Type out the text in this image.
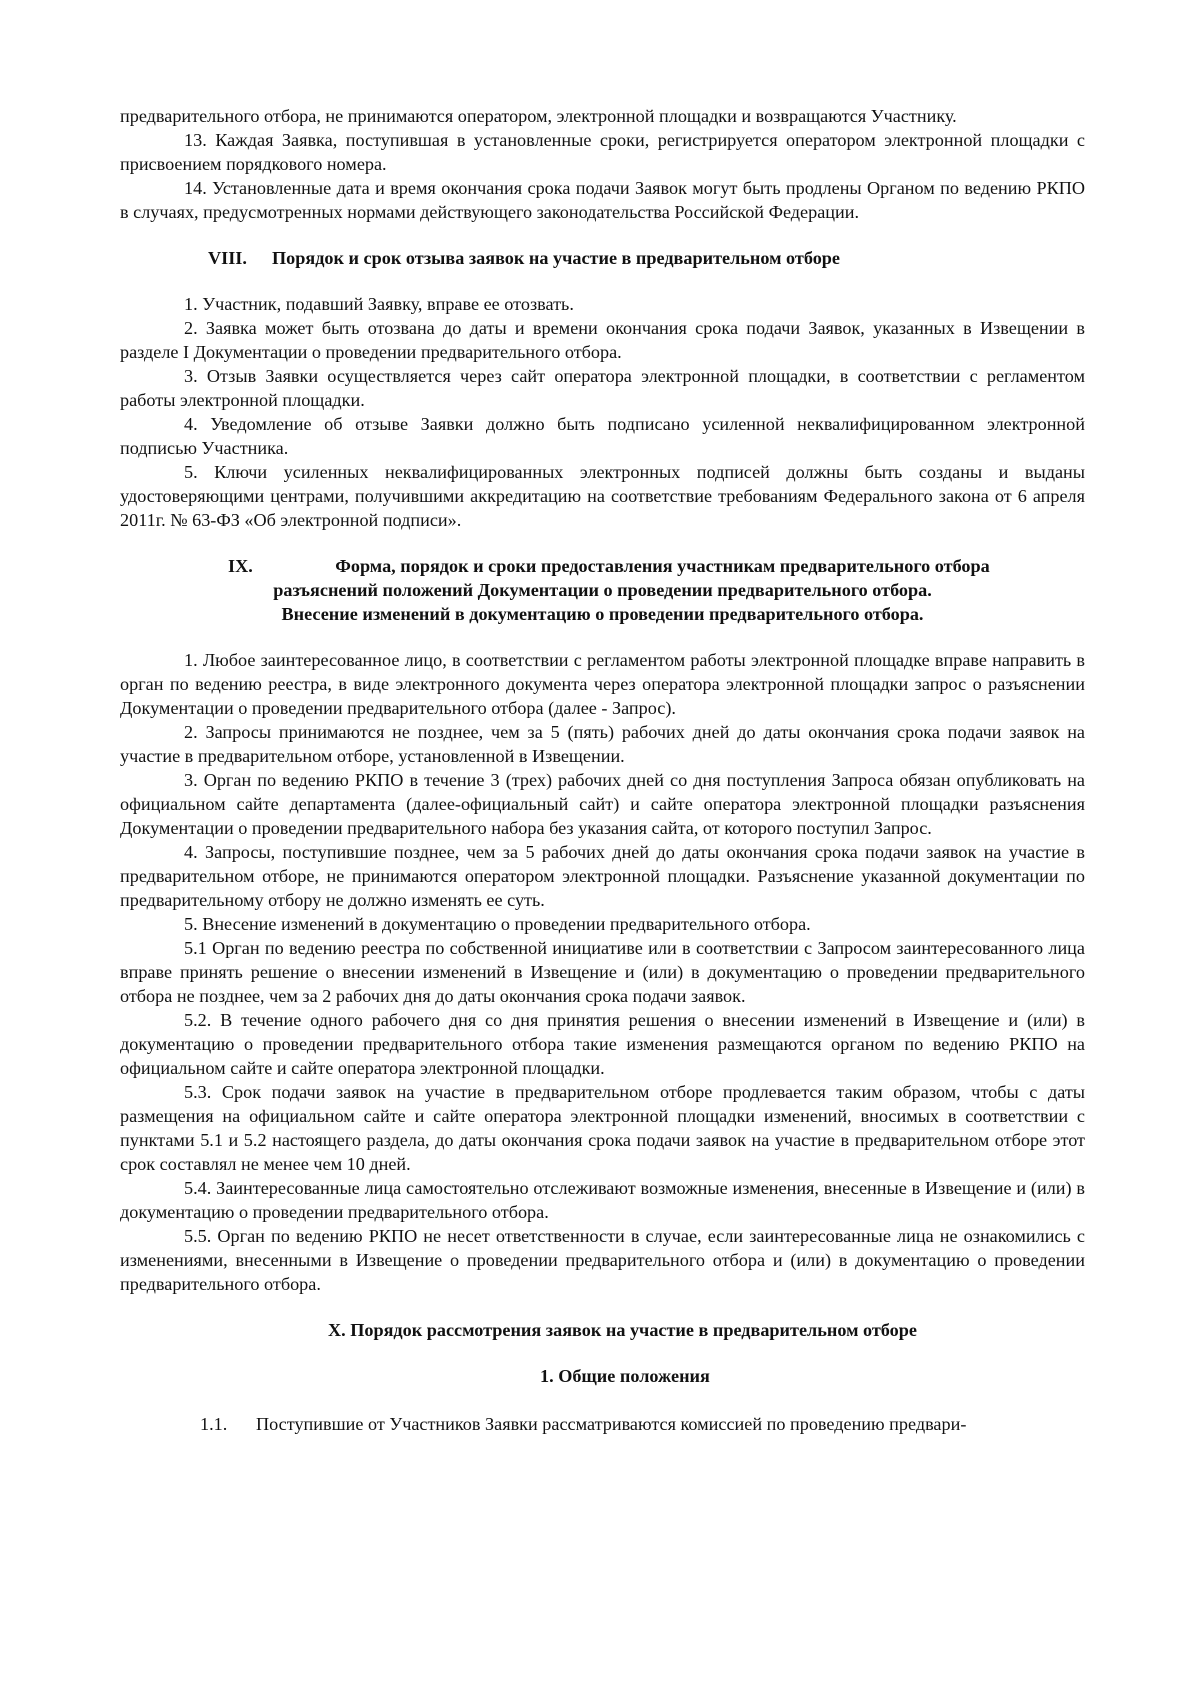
предварительного отбора, не принимаются оператором, электронной площадки и возвращаются Участнику.

13. Каждая Заявка, поступившая в установленные сроки, регистрируется оператором электронной площадки с присвоением порядкового номера.

14. Установленные дата и время окончания срока подачи Заявок могут быть продлены Органом по ведению РКПО в случаях, предусмотренных нормами действующего законодательства Российской Федерации.

VIII. Порядок и срок отзыва заявок на участие в предварительном отборе

1. Участник, подавший Заявку, вправе ее отозвать.

2. Заявка может быть отозвана до даты и времени окончания срока подачи Заявок, указанных в Извещении в разделе I Документации о проведении предварительного отбора.

3. Отзыв Заявки осуществляется через сайт оператора электронной площадки, в соответствии с регламентом работы электронной площадки.

4. Уведомление об отзыве Заявки должно быть подписано усиленной неквалифицированном электронной подписью Участника.

5. Ключи усиленных неквалифицированных электронных подписей должны быть созданы и выданы удостоверяющими центрами, получившими аккредитацию на соответствие требованиям Федерального закона от 6 апреля 2011г. № 63-ФЗ «Об электронной подписи».

IX.	Форма, порядок и сроки предоставления участникам предварительного отбора
разъяснений положений Документации о проведении предварительного отбора.
Внесение изменений в документацию о проведении предварительного отбора.

1. Любое заинтересованное лицо, в соответствии с регламентом работы электронной площадке вправе направить в орган по ведению реестра, в виде электронного документа через оператора электронной площадки запрос о разъяснении Документации о проведении предварительного отбора (далее - Запрос).

2. Запросы принимаются не позднее, чем за 5 (пять) рабочих дней до даты окончания срока подачи заявок на участие в предварительном отборе, установленной в Извещении.

3. Орган по ведению РКПО в течение 3 (трех) рабочих дней со дня поступления Запроса обязан опубликовать на официальном сайте департамента (далее-официальный сайт) и сайте оператора электронной площадки разъяснения Документации о проведении предварительного набора без указания сайта, от которого поступил Запрос.

4. Запросы, поступившие позднее, чем за 5 рабочих дней до даты окончания срока подачи заявок на участие в предварительном отборе, не принимаются оператором электронной площадки. Разъяснение указанной документации по предварительному отбору не должно изменять ее суть.

5. Внесение изменений в документацию о проведении предварительного отбора.

5.1 Орган по ведению реестра по собственной инициативе или в соответствии с Запросом заинтересованного лица вправе принять решение о внесении изменений в Извещение и (или) в документацию о проведении предварительного отбора не позднее, чем за 2 рабочих дня до даты окончания срока подачи заявок.

5.2. В течение одного рабочего дня со дня принятия решения о внесении изменений в Извещение и (или) в документацию о проведении предварительного отбора такие изменения размещаются органом по ведению РКПО на официальном сайте и сайте оператора электронной площадки.

5.3. Срок подачи заявок на участие в предварительном отборе продлевается таким образом, чтобы с даты размещения на официальном сайте и сайте оператора электронной площадки изменений, вносимых в соответствии с пунктами 5.1 и 5.2 настоящего раздела, до даты окончания срока подачи заявок на участие в предварительном отборе этот срок составлял не менее чем 10 дней.

5.4. Заинтересованные лица самостоятельно отслеживают возможные изменения, внесенные в Извещение и (или) в документацию о проведении предварительного отбора.

5.5. Орган по ведению РКПО не несет ответственности в случае, если заинтересованные лица не ознакомились с изменениями, внесенными в Извещение о проведении предварительного отбора и (или) в документацию о проведении предварительного отбора.

X. Порядок рассмотрения заявок на участие в предварительном отборе
1. Общие положения

1.1. Поступившие от Участников Заявки рассматриваются комиссией по проведению предвари-
